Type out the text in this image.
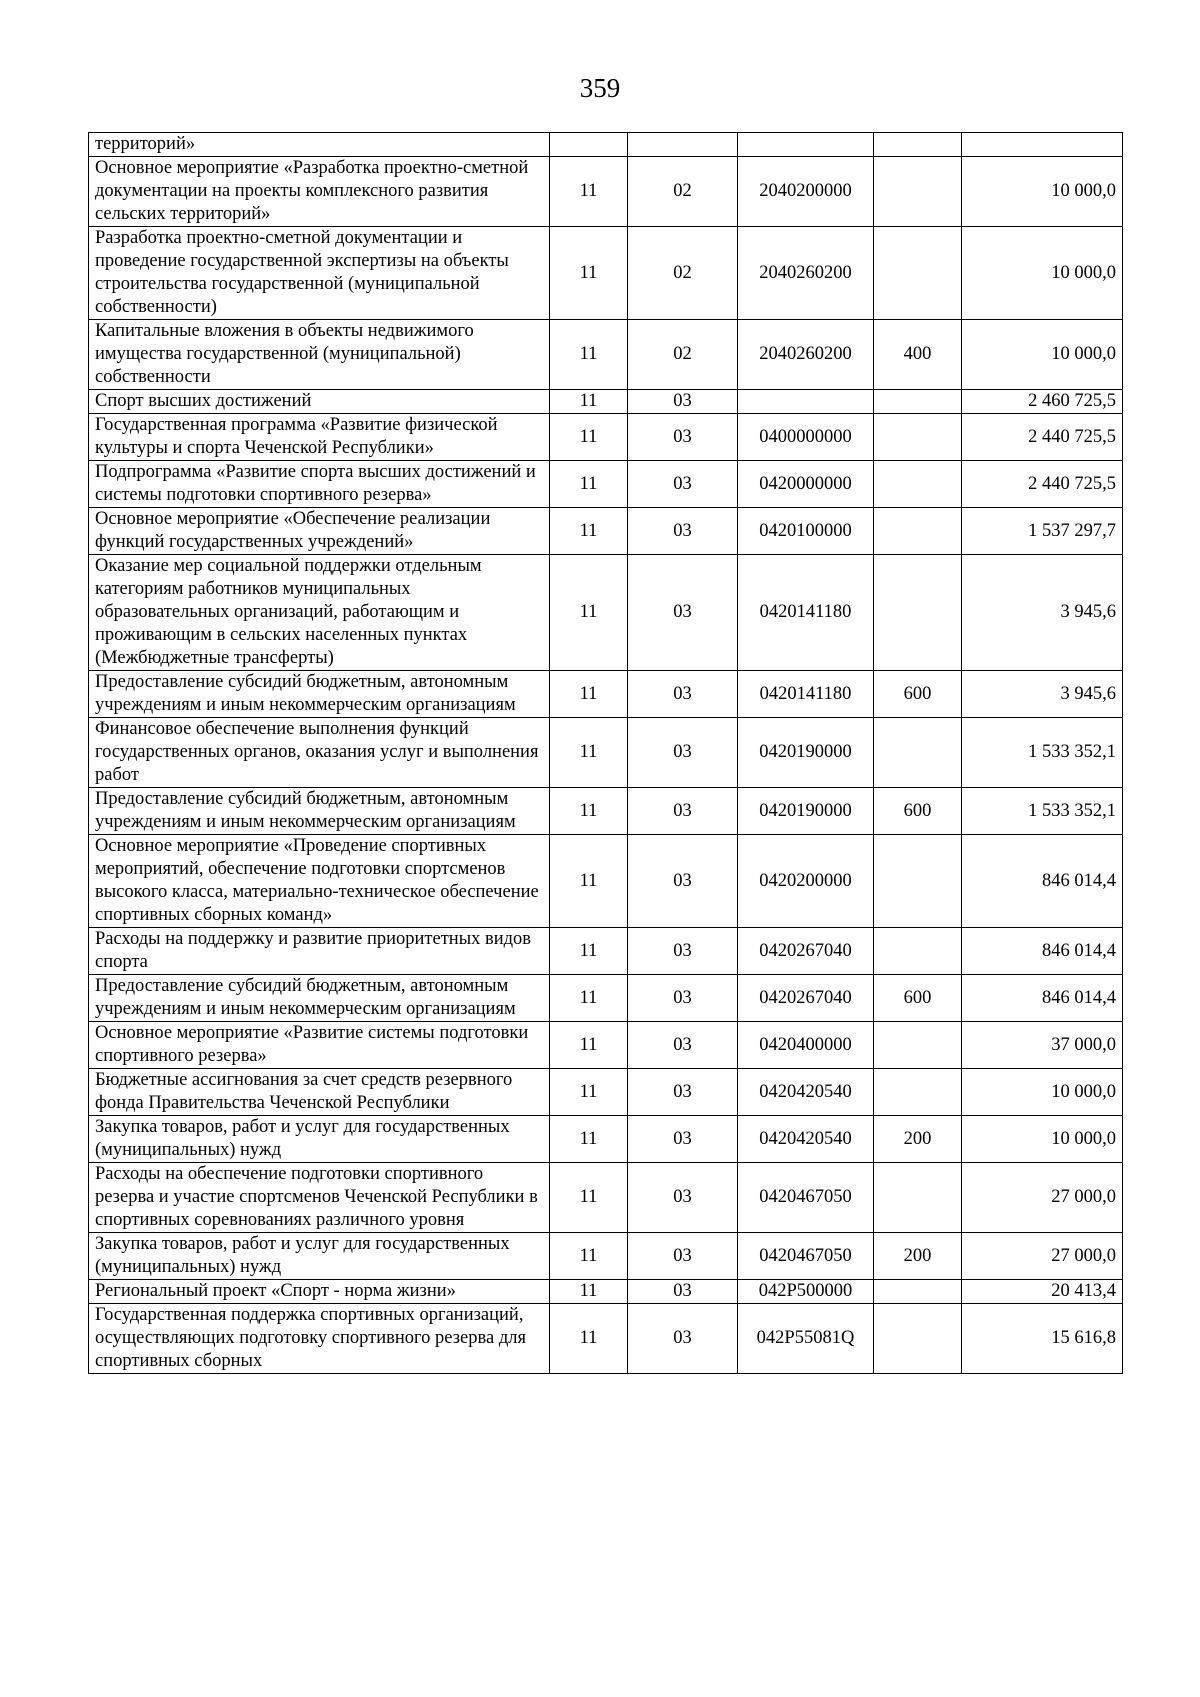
359
территорий»					
Основное мероприятие «Разработка проектно-сметной документации на проекты комплексного развития сельских территорий»	11	02	2040200000		10 000,0
Разработка проектно-сметной документации и проведение государственной экспертизы на объекты строительства государственной (муниципальной собственности)	11	02	2040260200		10 000,0
Капитальные вложения в объекты недвижимого имущества государственной (муниципальной) собственности	11	02	2040260200	400	10 000,0
Спорт высших достижений	11	03			2 460 725,5
Государственная программа «Развитие физической культуры и спорта Чеченской Республики»	11	03	0400000000		2 440 725,5
Подпрограмма «Развитие спорта высших достижений и системы подготовки спортивного резерва»	11	03	0420000000		2 440 725,5
Основное мероприятие «Обеспечение реализации функций государственных учреждений»	11	03	0420100000		1 537 297,7
Оказание мер социальной поддержки отдельным категориям работников муниципальных образовательных организаций, работающим и проживающим в сельских населенных пунктах (Межбюджетные трансферты)	11	03	0420141180		3 945,6
Предоставление субсидий бюджетным, автономным учреждениям и иным некоммерческим организациям	11	03	0420141180	600	3 945,6
Финансовое обеспечение выполнения функций государственных органов, оказания услуг и выполнения работ	11	03	0420190000		1 533 352,1
Предоставление субсидий бюджетным, автономным учреждениям и иным некоммерческим организациям	11	03	0420190000	600	1 533 352,1
Основное мероприятие «Проведение спортивных мероприятий, обеспечение подготовки спортсменов высокого класса, материально-техническое обеспечение спортивных сборных команд»	11	03	0420200000		846 014,4
Расходы на поддержку и развитие приоритетных видов спорта	11	03	0420267040		846 014,4
Предоставление субсидий бюджетным, автономным учреждениям и иным некоммерческим организациям	11	03	0420267040	600	846 014,4
Основное мероприятие «Развитие системы подготовки спортивного резерва»	11	03	0420400000		37 000,0
Бюджетные ассигнования за счет средств резервного фонда Правительства Чеченской Республики	11	03	0420420540		10 000,0
Закупка товаров, работ и услуг для государственных (муниципальных) нужд	11	03	0420420540	200	10 000,0
Расходы на обеспечение подготовки спортивного резерва и участие спортсменов Чеченской Республики в спортивных соревнованиях различного уровня	11	03	0420467050		27 000,0
Закупка товаров, работ и услуг для государственных (муниципальных) нужд	11	03	0420467050	200	27 000,0
Региональный проект «Спорт - норма жизни»	11	03	042P500000		20 413,4
Государственная поддержка спортивных организаций, осуществляющих подготовку спортивного резерва для спортивных сборных	11	03	042P55081Q		15 616,8
